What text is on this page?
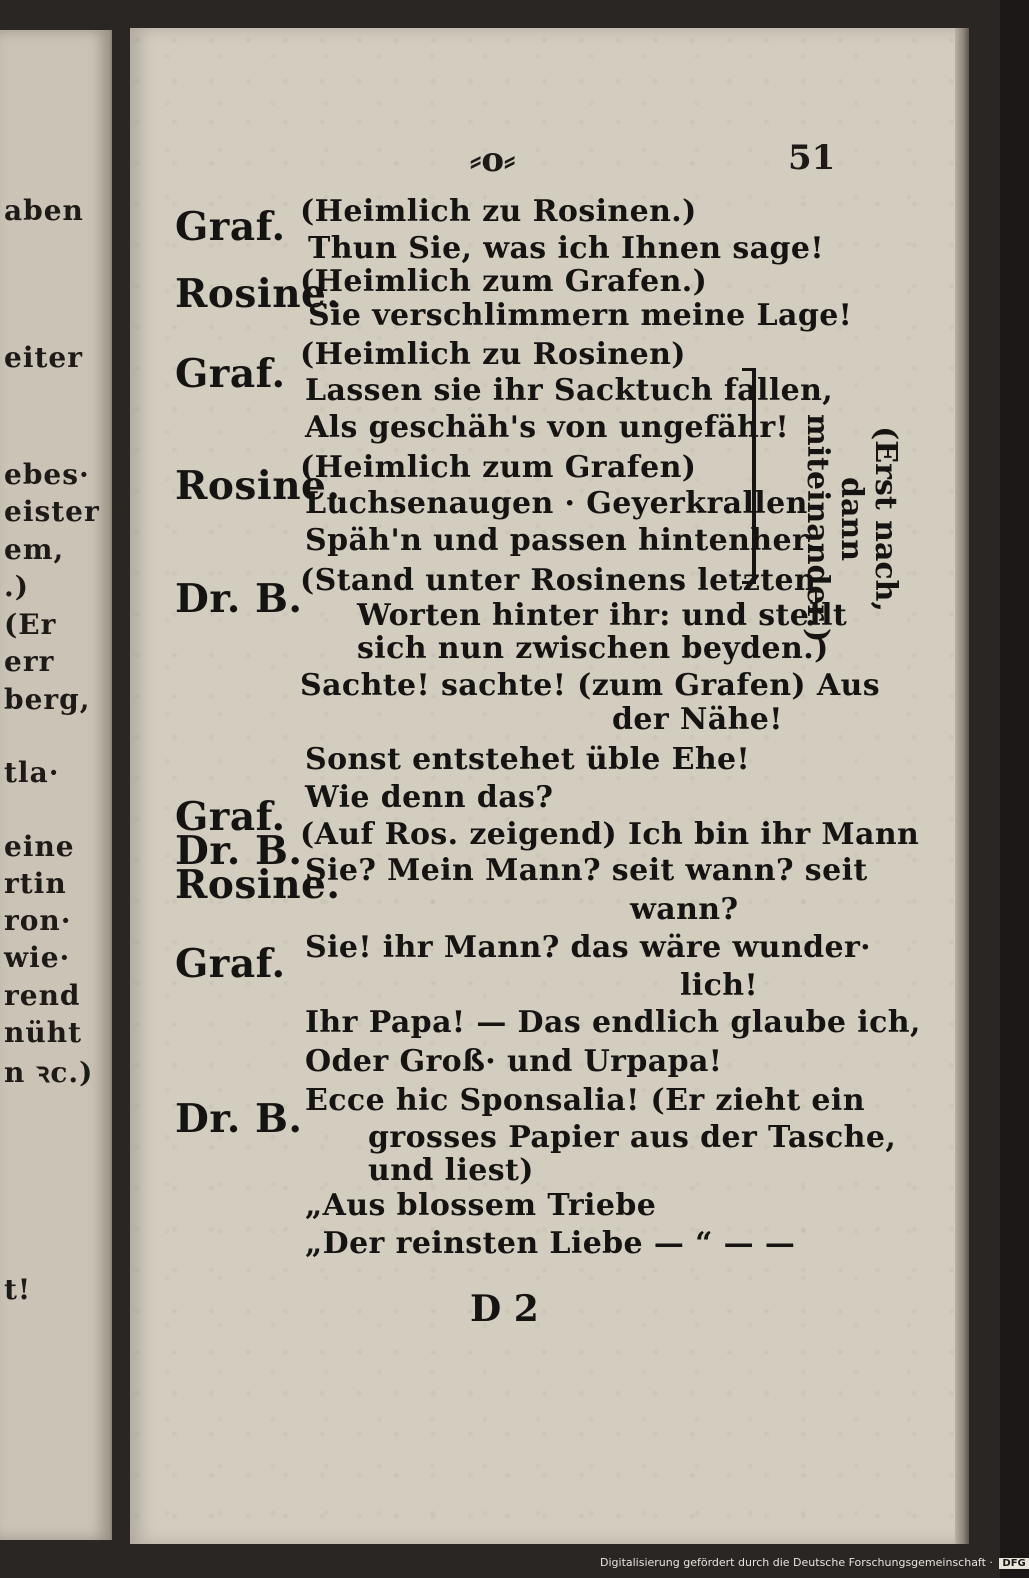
aben
eiter
ebes·
eister
em,
.)
(Er
err
berg,
tla·
eine
rtin
ron·
wie·
rend
nüht
n ꝛc.)
t!
⸗o⸗	51
Graf. (Heimlich zu Rosinen.)
Thun Sie, was ich Ihnen sage!
Rosine.
(Heimlich zum Grafen.)
Sie verschlimmern meine Lage!
Graf. (Heimlich zu Rosinen)
Lassen sie ihr Sacktuch fallen,
Als geschäh's von ungefähr!
Rosine.
(Heimlich zum Grafen)
Luchsenaugen · Geyerkrallen
Späh'n und passen hintenher.
Dr. B.
(Stand unter Rosinens letzten
Worten hinter ihr: und stellt
sich nun zwischen beyden.)
Sachte! sachte! (zum Grafen) Aus
der Nähe!
Sonst entstehet üble Ehe!
Graf. Wie denn das?
Dr. B.
(Auf Ros. zeigend) Ich bin ihr Mann
Rosine.
Sie? Mein Mann? seit wann? seit
wann?
Graf. Sie! ihr Mann? das wäre wunder·
lich!
Ihr Papa! — Das endlich glaube ich,
Oder Groß· und Urpapa!
Dr. B. Ecce hic Sponsalia! (Er zieht ein
grosses Papier aus der Tasche,
und liest)
„Aus blossem Triebe
„Der reinsten Liebe — “ — —
(Erst nach, dann
miteinander.)
D 2
Digitalisierung gefördert durch die Deutsche Forschungsgemeinschaft · DFG
